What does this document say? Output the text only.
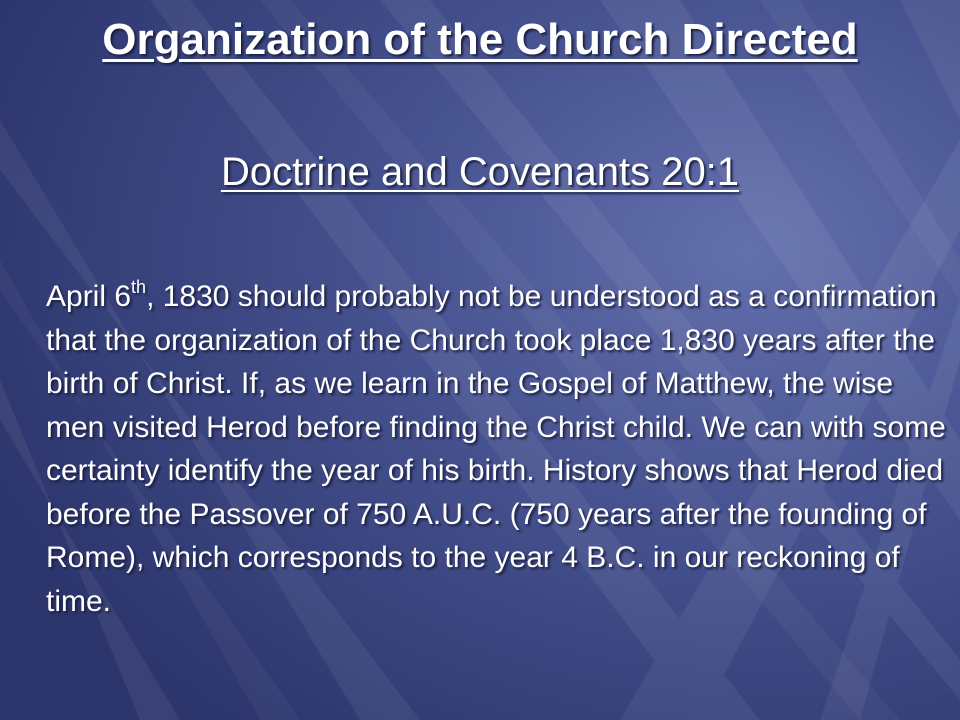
Organization of the Church Directed
Doctrine and Covenants 20:1

April 6th, 1830 should probably not be understood as a confirmation that the organization of the Church took place 1,830 years after the birth of Christ. If, as we learn in the Gospel of Matthew, the wise men visited Herod before finding the Christ child. We can with some certainty identify the year of his birth. History shows that Herod died before the Passover of 750 A.U.C. (750 years after the founding of Rome), which corresponds to the year 4 B.C. in our reckoning of time.
